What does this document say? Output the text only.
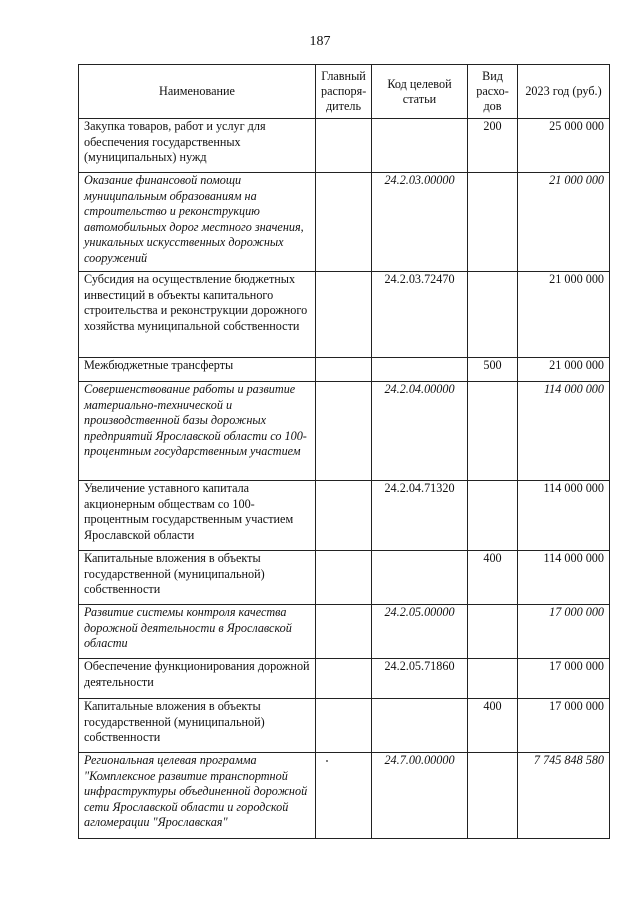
187
Наименование	Главный распоря-дитель	Код целевой статьи	Вид расхо-дов	2023 год (руб.)
Закупка товаров, работ и услуг для обеспечения государственных (муниципальных) нужд			200	25 000 000
Оказание финансовой помощи муниципальным образованиям на строительство и реконструкцию автомобильных дорог местного значения, уникальных искусственных дорожных сооружений		24.2.03.00000		21 000 000
Субсидия на осуществление бюджетных инвестиций в объекты капитального строительства и реконструкции дорожного хозяйства муниципальной собственности		24.2.03.72470		21 000 000
Межбюджетные трансферты			500	21 000 000
Совершенствование работы и развитие материально-технической и производственной базы дорожных предприятий Ярославской области со 100-процентным государственным участием		24.2.04.00000		114 000 000
Увеличение уставного капитала акционерным обществам со 100-процентным государственным участием Ярославской области		24.2.04.71320		114 000 000
Капитальные вложения в объекты государственной (муниципальной) собственности			400	114 000 000
Развитие системы контроля качества дорожной деятельности в Ярославской области		24.2.05.00000		17 000 000
Обеспечение функционирования дорожной деятельности		24.2.05.71860		17 000 000
Капитальные вложения в объекты государственной (муниципальной) собственности			400	17 000 000
Региональная целевая программа "Комплексное развитие транспортной инфраструктуры объединенной дорожной сети Ярославской области и городской агломерации "Ярославская"		24.7.00.00000		7 745 848 580
